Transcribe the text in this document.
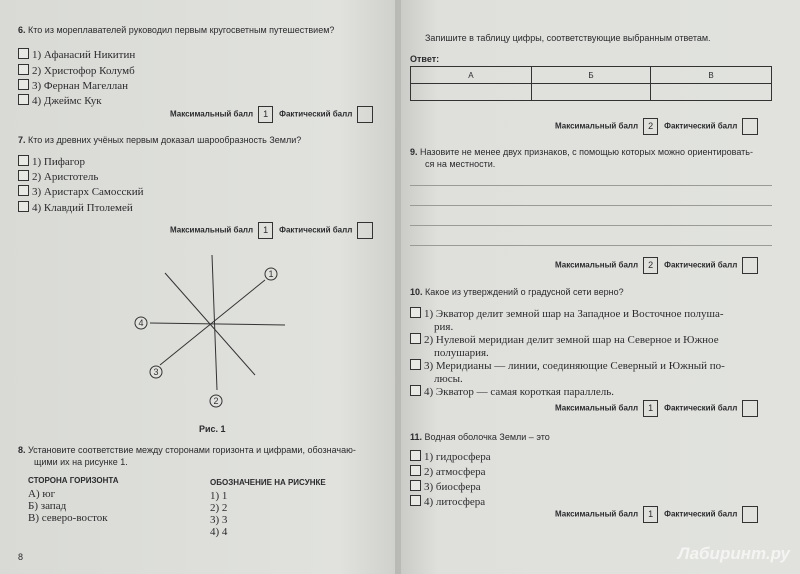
6. Кто из мореплавателей руководил первым кругосветным путешествием?
1) Афанасий Никитин
2) Христофор Колумб
3) Фернан Магеллан
4) Джеймс Кук
Максимальный балл 1 Фактический балл
7. Кто из древних учёных первым доказал шарообразность Земли?
1) Пифагор
2) Аристотель
3) Аристарх Самосский
4) Клавдий Птолемей
Максимальный балл 1 Фактический балл
1
2
3
4
Рис. 1
8. Установите соответствие между сторонами горизонта и цифрами, обозначаю-
щими их на рисунке 1.
СТОРОНА ГОРИЗОНТА	ОБОЗНАЧЕНИЕ НА РИСУНКЕ
А) юг
Б) запад
В) северо-восток
1) 1
2) 2
3) 3
4) 4
8
Запишите в таблицу цифры, соответствующие выбранным ответам.
Ответ:
А	Б	В

Максимальный балл 2 Фактический балл
9. Назовите не менее двух признаков, с помощью которых можно ориентировать-
ся на местности.
Максимальный балл 2 Фактический балл
10. Какое из утверждений о градусной сети верно?
1) Экватор делит земной шар на Западное и Восточное полуша-
рия.
2) Нулевой меридиан делит земной шар на Северное и Южное
полушария.
3) Меридианы — линии, соединяющие Северный и Южный по-
люсы.
4) Экватор — самая короткая параллель.
Максимальный балл 1 Фактический балл
11. Водная оболочка Земли – это
1) гидросфера
2) атмосфера
3) биосфера
4) литосфера
Максимальный балл 1 Фактический балл
Лабиринт.ру
